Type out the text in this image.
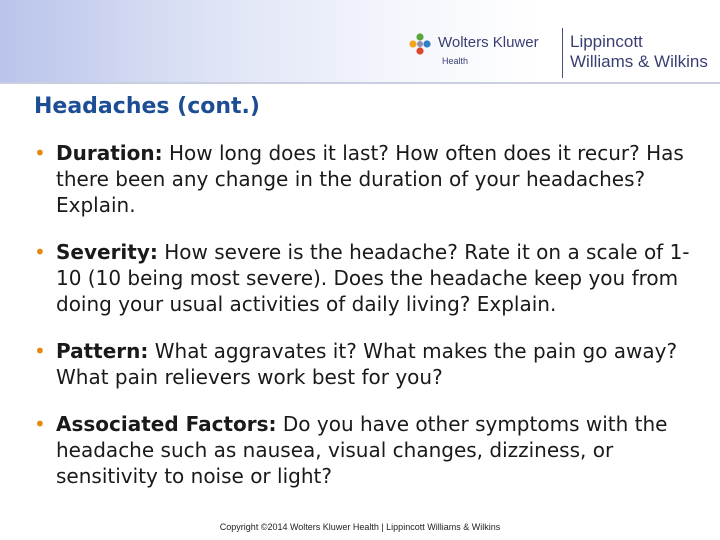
Wolters Kluwer
Health
Lippincott
Williams & Wilkins
Headaches (cont.)
• Duration: How long does it last? How often does it recur? Has there been any change in the duration of your headaches? Explain.
• Severity: How severe is the headache? Rate it on a scale of 1-10 (10 being most severe). Does the headache keep you from doing your usual activities of daily living? Explain.
• Pattern: What aggravates it? What makes the pain go away? What pain relievers work best for you?
• Associated Factors: Do you have other symptoms with the headache such as nausea, visual changes, dizziness, or sensitivity to noise or light?
Copyright ©2014 Wolters Kluwer Health | Lippincott Williams & Wilkins
